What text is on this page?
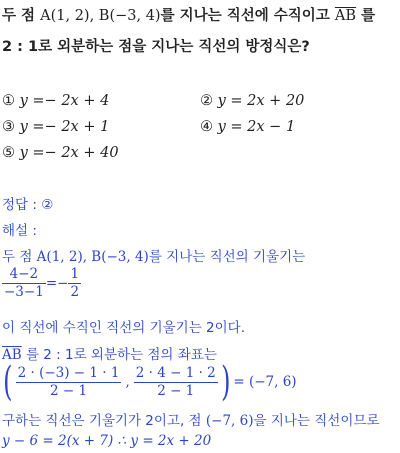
두 점 A(1, 2), B(−3, 4)를 지나는 직선에 수직이고 $\overline{AB}$ 를
2 : 1로 외분하는 점을 지나는 직선의 방정식은?
① y =− 2x + 4	② y = 2x + 20
③ y =− 2x + 1	④ y = 2x − 1
⑤ y =− 2x + 40
정답 : ②
해설 :
두 점 A(1, 2), B(−3, 4)를 지나는 직선의 기울기는
$\frac{4-2}{-3-1} =- \frac{1}{2}$
이 직선에 수직인 직선의 기울기는 2이다.
$\overline{AB}$ 를 2 : 1로 외분하는 점의 좌표는
( $\frac{2 \cdot (-3) - 1 \cdot 1}{2 - 1}$ , $\frac{2 \cdot 4 - 1 \cdot 2}{2 - 1}$ ) = (−7, 6)
구하는 직선은 기울기가 2이고, 점 (−7, 6)을 지나는 직선이므로
y − 6 = 2(x + 7) ∴ y = 2x + 20
